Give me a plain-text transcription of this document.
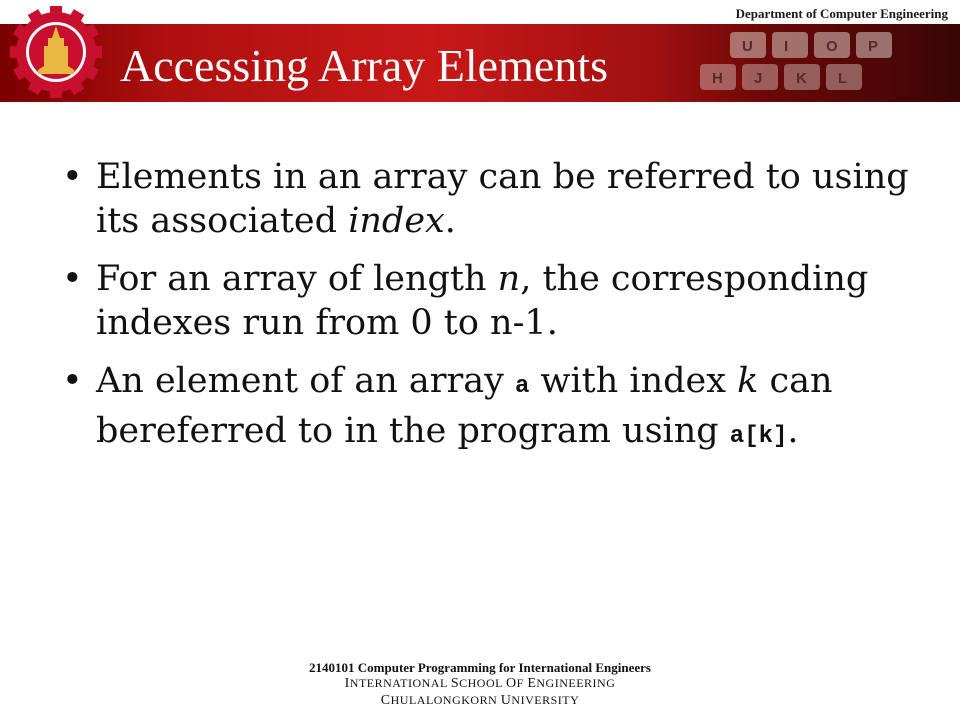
U I	O P
H J K L
Department of Computer Engineering
Accessing Array Elements
• Elements in an array can be referred to using its associated index.
• For an array of length n, the corresponding indexes run from 0 to n-1.
• An element of an array a with index k can bereferred to in the program using a[k].
2140101 Computer Programming for International Engineers
INTERNATIONAL SCHOOL OF ENGINEERING
CHULALONGKORN UNIVERSITY
